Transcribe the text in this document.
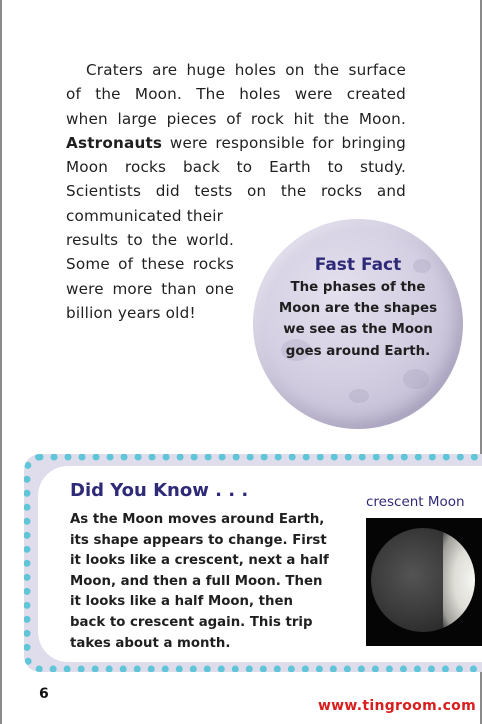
Craters are huge holes on the surface
of the Moon. The holes were created
when large pieces of rock hit the Moon.
Astronauts were responsible for bringing
Moon rocks back to Earth to study.
Scientists did tests on the rocks and
communicated their
results to the world.
Some of these rocks
were more than one
billion years old!
Fast Fact
The phases of the
Moon are the shapes
we see as the Moon
goes around Earth.
Did You Know . . .
As the Moon moves around Earth,
its shape appears to change. First
it looks like a crescent, next a half
Moon, and then a full Moon. Then
it looks like a half Moon, then
back to crescent again. This trip
takes about a month.
crescent Moon
6
www.tingroom.com
